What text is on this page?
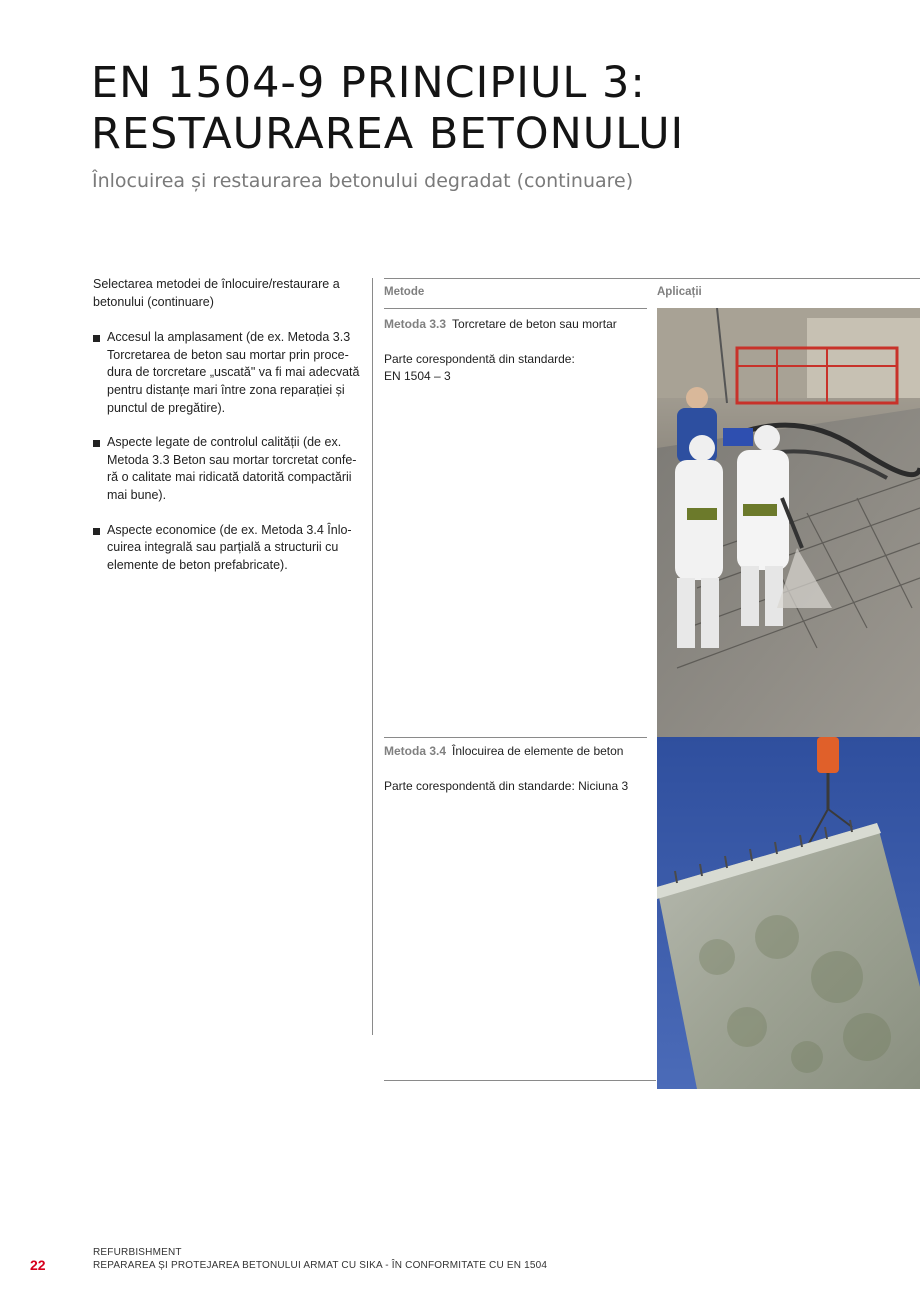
EN 1504-9 PRINCIPIUL 3:
RESTAURAREA BETONULUI
Înlocuirea și restaurarea betonului degradat (continuare)

Selectarea metodei de înlocuire/restaurare a betonului (continuare)

Accesul la amplasament (de ex. Metoda 3.3 Torcretarea de beton sau mortar prin proce-dura de torcretare „uscată" va fi mai adecvată pentru distanțe mari între zona reparației și punctul de pregătire).
Aspecte legate de controlul calității (de ex. Metoda 3.3 Beton sau mortar torcretat confe-ră o calitate mai ridicată datorită compactării mai bune).
Aspecte economice (de ex. Metoda 3.4 Înlo-cuirea integrală sau parțială a structurii cu elemente de beton prefabricate).
Metode	Aplicații

Metoda 3.3 Torcretare de beton sau mortar

Parte corespondentă din standarde:

EN 1504 – 3

Metoda 3.4 Înlocuirea de elemente de beton

Parte corespondentă din standarde: Niciuna 3

22
REFURBISHMENT
REPARAREA ȘI PROTEJAREA BETONULUI ARMAT CU SIKA - ÎN CONFORMITATE CU EN 1504
